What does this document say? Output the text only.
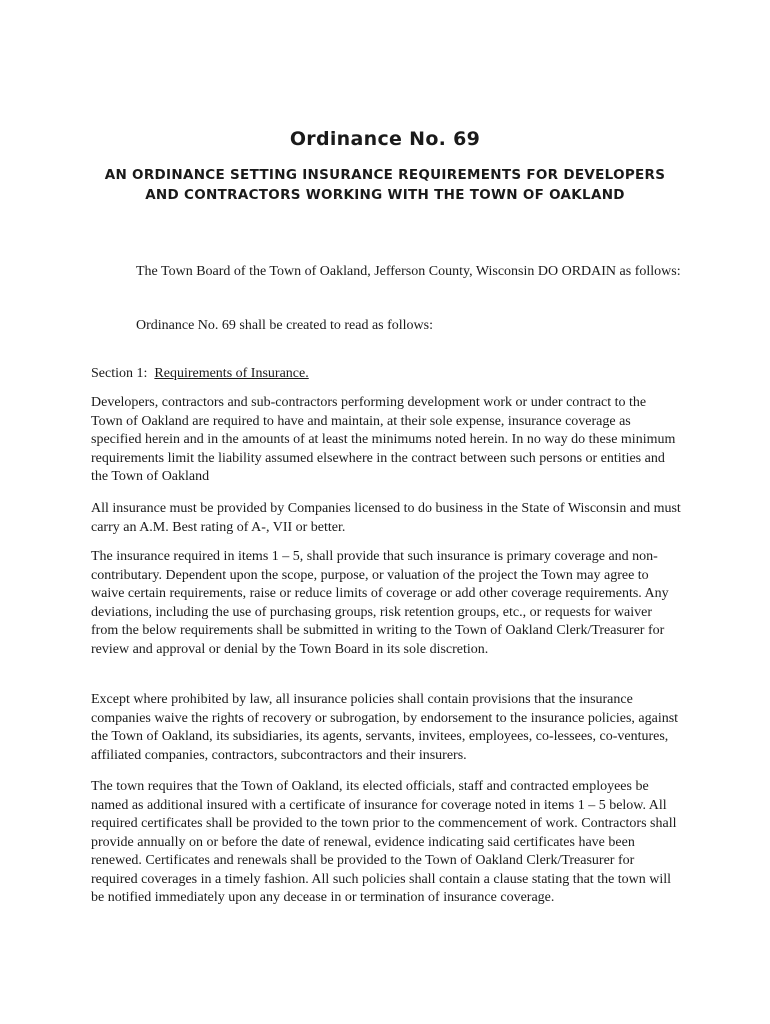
Ordinance No. 69
AN ORDINANCE SETTING INSURANCE REQUIREMENTS FOR DEVELOPERS AND CONTRACTORS WORKING WITH THE TOWN OF OAKLAND

The Town Board of the Town of Oakland, Jefferson County, Wisconsin DO ORDAIN as follows:

Ordinance No. 69 shall be created to read as follows:

Section 1: Requirements of Insurance.

Developers, contractors and sub-contractors performing development work or under contract to the Town of Oakland are required to have and maintain, at their sole expense, insurance coverage as specified herein and in the amounts of at least the minimums noted herein. In no way do these minimum requirements limit the liability assumed elsewhere in the contract between such persons or entities and the Town of Oakland

All insurance must be provided by Companies licensed to do business in the State of Wisconsin and must carry an A.M. Best rating of A-, VII or better.

The insurance required in items 1 – 5, shall provide that such insurance is primary coverage and non-contributary. Dependent upon the scope, purpose, or valuation of the project the Town may agree to waive certain requirements, raise or reduce limits of coverage or add other coverage requirements. Any deviations, including the use of purchasing groups, risk retention groups, etc., or requests for waiver from the below requirements shall be submitted in writing to the Town of Oakland Clerk/Treasurer for review and approval or denial by the Town Board in its sole discretion.

Except where prohibited by law, all insurance policies shall contain provisions that the insurance companies waive the rights of recovery or subrogation, by endorsement to the insurance policies, against the Town of Oakland, its subsidiaries, its agents, servants, invitees, employees, co-lessees, co-ventures, affiliated companies, contractors, subcontractors and their insurers.

The town requires that the Town of Oakland, its elected officials, staff and contracted employees be named as additional insured with a certificate of insurance for coverage noted in items 1 – 5 below. All required certificates shall be provided to the town prior to the commencement of work. Contractors shall provide annually on or before the date of renewal, evidence indicating said certificates have been renewed. Certificates and renewals shall be provided to the Town of Oakland Clerk/Treasurer for required coverages in a timely fashion. All such policies shall contain a clause stating that the town will be notified immediately upon any decease in or termination of insurance coverage.
